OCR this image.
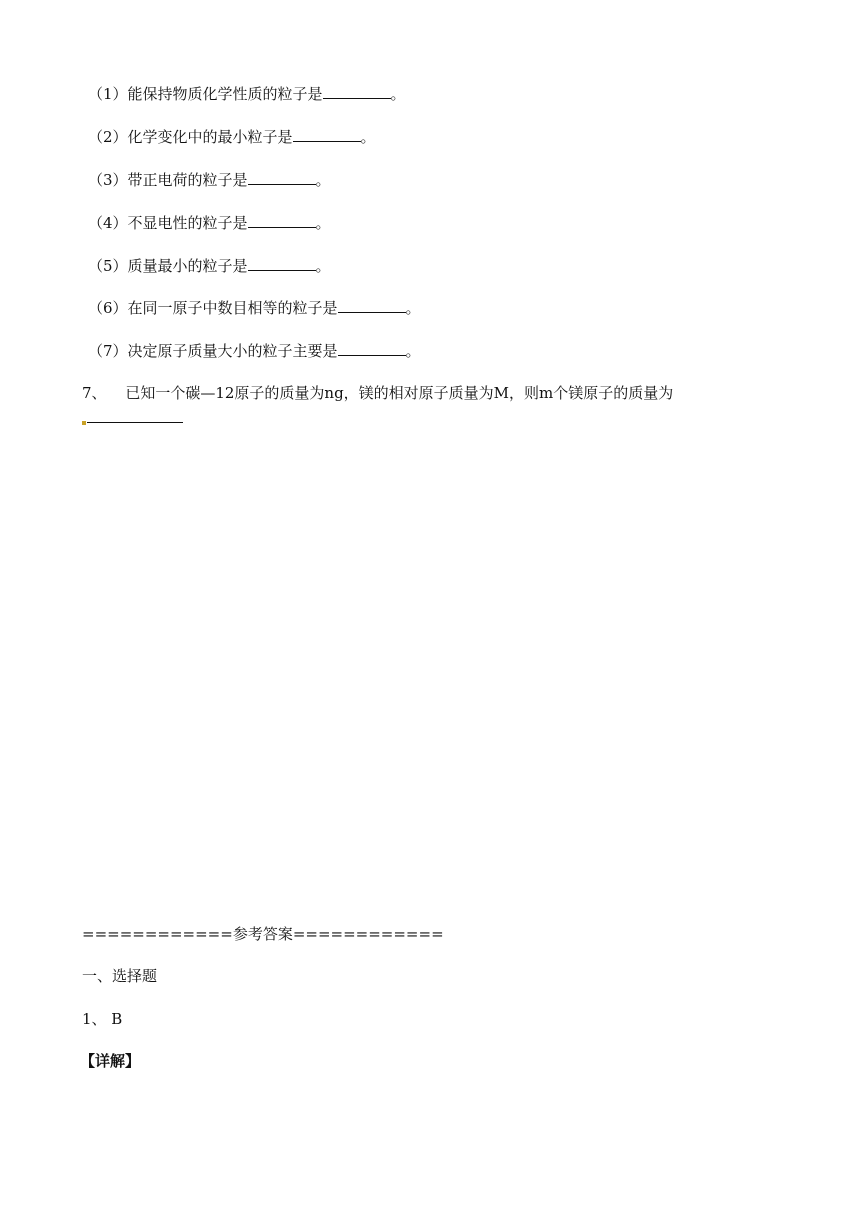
（1）能保持物质化学性质的粒子是	。
（2）化学变化中的最小粒子是	。
（3）带正电荷的粒子是	。
（4）不显电性的粒子是	。
（5）质量最小的粒子是	。
（6）在同一原子中数目相等的粒子是	。
（7）决定原子质量大小的粒子主要是	。
7、 已知一个碳—12原子的质量为ng，镁的相对原子质量为M，则m个镁原子的质量为
============参考答案============
一、选择题
1、 B
【详解】
